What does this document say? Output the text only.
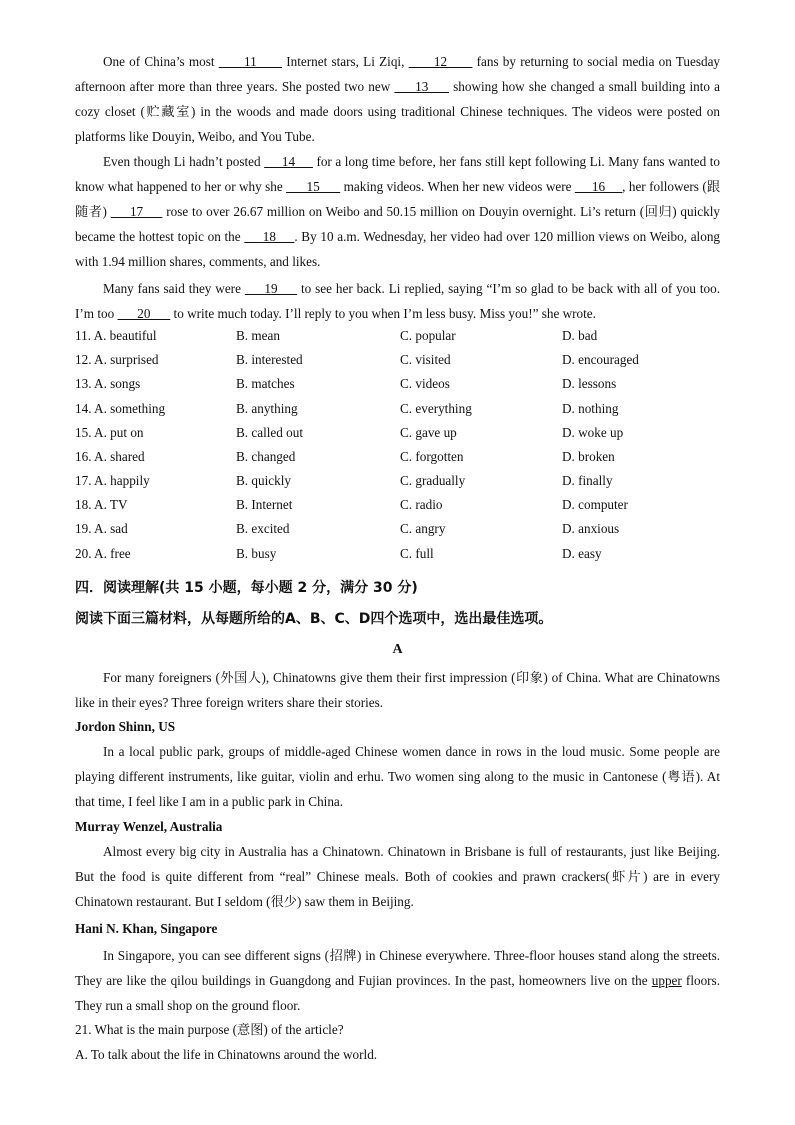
One of China’s most       11       Internet stars, Li Ziqi,       12       fans by returning to social media on Tuesday afternoon after more than three years. She posted two new      13      showing how she changed a small building into a cozy closet (贮藏室) in the woods and made doors using traditional Chinese techniques. The videos were posted on platforms like Douyin, Weibo, and You Tube.
Even though Li hadn’t posted      14      for a long time before, her fans still kept following Li. Many fans wanted to know what happened to her or why she       15       making videos. When her new videos were      16     , her followers (跟随者)      17      rose to over 26.67 million on Weibo and 50.15 million on Douyin overnight. Li’s return (回归) quickly became the hottest topic on the      18     . By 10 a.m. Wednesday, her video had over 120 million views on Weibo, along with 1.94 million shares, comments, and likes.
Many fans said they were      19      to see her back. Li replied, saying “I’m so glad to be back with all of you too. I’m too       20       to write much today. I’ll reply to you when I’m less busy. Miss you!” she wrote.
11. A. beautiful	B. mean	C. popular	D. bad
12. A. surprised	B. interested	C. visited	D. encouraged
13. A. songs	B. matches	C. videos	D. lessons
14. A. something	B. anything	C. everything	D. nothing
15. A. put on	B. called out	C. gave up	D. woke up
16. A. shared	B. changed	C. forgotten	D. broken
17. A. happily	B. quickly	C. gradually	D. finally
18. A. TV	B. Internet	C. radio	D. computer
19. A. sad	B. excited	C. angry	D. anxious
20. A. free	B. busy	C. full	D. easy
四．阅读理解(共 15 小题，每小题 2 分，满分 30 分)
阅读下面三篇材料，从每题所给的A、B、C、D四个选项中，选出最佳选项。
A
For many foreigners (外国人), Chinatowns give them their first impression (印象) of China. What are Chinatowns like in their eyes? Three foreign writers share their stories.
Jordon Shinn, US
In a local public park, groups of middle-aged Chinese women dance in rows in the loud music. Some people are playing different instruments, like guitar, violin and erhu. Two women sing along to the music in Cantonese (粤语). At that time, I feel like I am in a public park in China.
Murray Wenzel, Australia
Almost every big city in Australia has a Chinatown. Chinatown in Brisbane is full of restaurants, just like Beijing. But the food is quite different from “real” Chinese meals. Both of cookies and prawn crackers(虾片) are in every Chinatown restaurant. But I seldom (很少) saw them in Beijing.
Hani N. Khan, Singapore
In Singapore, you can see different signs (招牌) in Chinese everywhere. Three-floor houses stand along the streets. They are like the qilou buildings in Guangdong and Fujian provinces. In the past, homeowners live on the upper floors. They run a small shop on the ground floor.
21. What is the main purpose (意图) of the article?
A. To talk about the life in Chinatowns around the world.
